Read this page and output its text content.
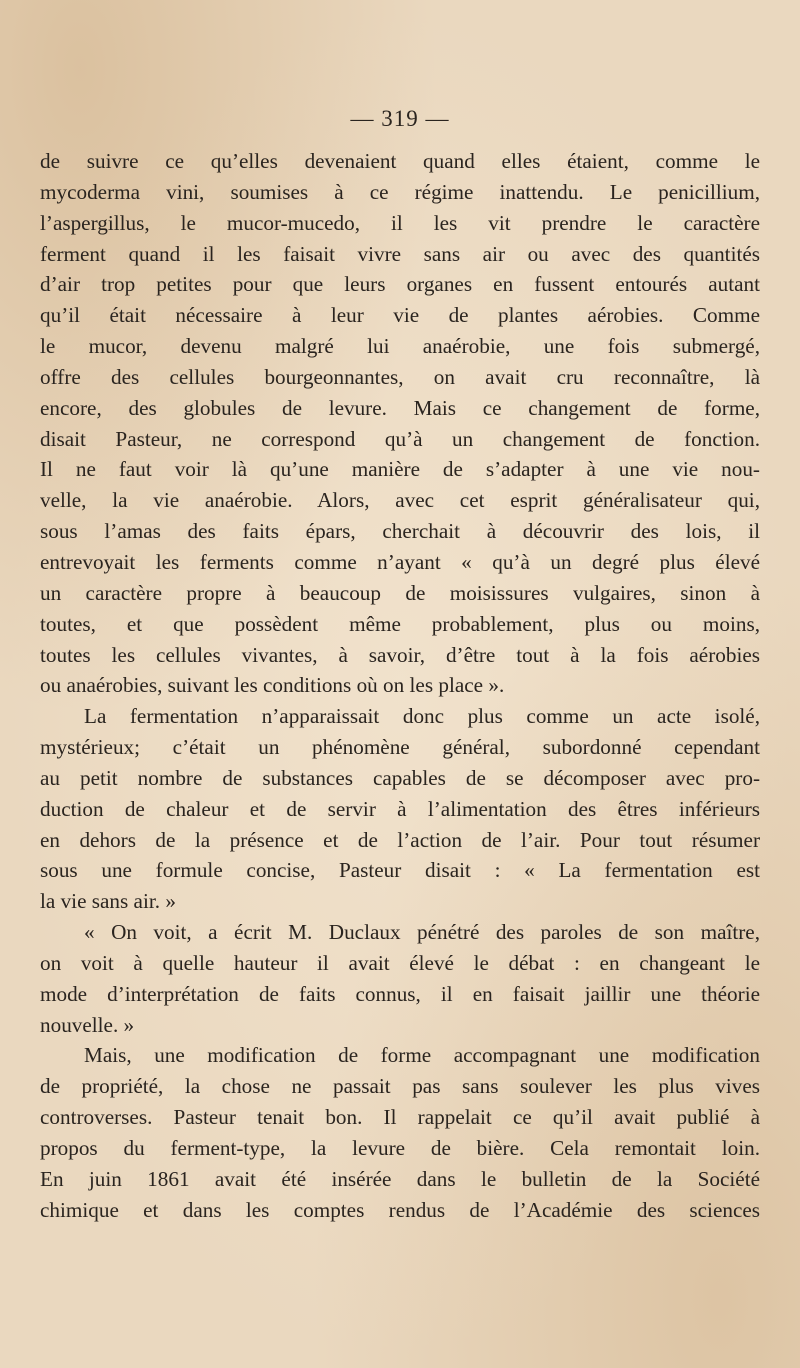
— 319 —

de suivre ce qu’elles devenaient quand elles étaient, comme le
mycoderma vini, soumises à ce régime inattendu. Le penicillium,
l’aspergillus, le mucor-mucedo, il les vit prendre le caractère
ferment quand il les faisait vivre sans air ou avec des quantités
d’air trop petites pour que leurs organes en fussent entourés autant
qu’il était nécessaire à leur vie de plantes aérobies. Comme
le mucor, devenu malgré lui anaérobie, une fois submergé,
offre des cellules bourgeonnantes, on avait cru reconnaître, là
encore, des globules de levure. Mais ce changement de forme,
disait Pasteur, ne correspond qu’à un changement de fonction.
Il ne faut voir là qu’une manière de s’adapter à une vie nou-
velle, la vie anaérobie. Alors, avec cet esprit généralisateur qui,
sous l’amas des faits épars, cherchait à découvrir des lois, il
entrevoyait les ferments comme n’ayant « qu’à un degré plus élevé
un caractère propre à beaucoup de moisissures vulgaires, sinon à
toutes, et que possèdent même probablement, plus ou moins,
toutes les cellules vivantes, à savoir, d’être tout à la fois aérobies
ou anaérobies, suivant les conditions où on les place ».

La fermentation n’apparaissait donc plus comme un acte isolé,
mystérieux; c’était un phénomène général, subordonné cependant
au petit nombre de substances capables de se décomposer avec pro-
duction de chaleur et de servir à l’alimentation des êtres inférieurs
en dehors de la présence et de l’action de l’air. Pour tout résumer
sous une formule concise, Pasteur disait : « La fermentation est
la vie sans air. »

« On voit, a écrit M. Duclaux pénétré des paroles de son maître,
on voit à quelle hauteur il avait élevé le débat : en changeant le
mode d’interprétation de faits connus, il en faisait jaillir une théorie
nouvelle. »

Mais, une modification de forme accompagnant une modification
de propriété, la chose ne passait pas sans soulever les plus vives
controverses. Pasteur tenait bon. Il rappelait ce qu’il avait publié à
propos du ferment-type, la levure de bière. Cela remontait loin.
En juin 1861 avait été insérée dans le bulletin de la Société
chimique et dans les comptes rendus de l’Académie des sciences
